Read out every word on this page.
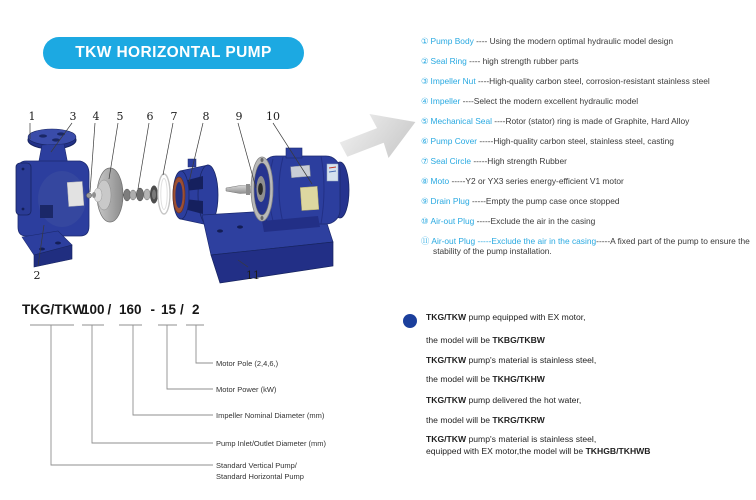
TKW HORIZONTAL PUMP
1	3 4 5 6 7 8 9 10
2	11
① Pump Body ---- Using the modern optimal hydraulic model design
② Seal Ring ---- high strength rubber parts
③ Impeller Nut ----High-quality carbon steel, corrosion-resistant stainless steel
④ Impeller ----Select the modern excellent hydraulic model
⑤ Mechanical Seal ----Rotor (stator) ring is made of Graphite, Hard Alloy
⑥ Pump Cover -----High-quality carbon steel, stainless steel, casting
⑦ Seal Circle -----High strength Rubber
⑧ Moto -----Y2 or YX3 series energy-efficient V1 motor
⑨ Drain Plug -----Empty the pump case once stopped
⑩ Air-out Plug -----Exclude the air in the casing
⑪ Air-out Plug -----Exclude the air in the casing-----A fixed part of the pump to ensure the stability of the pump installation.
TKG/TKW
100 / 160 - 15 / 2
Motor Pole (2,4,6,)
Motor Power (kW)
Impeller Nominal Diameter (mm)
Pump Inlet/Outlet Diameter (mm)
Standard Vertical Pump/
Standard Horizontal Pump
TKG/TKW pump equipped with EX motor,
the model will be TKBG/TKBW
TKG/TKW pump's material is stainless steel,
the model will be TKHG/TKHW
TKG/TKW pump delivered the hot water,
the model will be TKRG/TKRW
TKG/TKW pump's material is stainless steel,
equipped with EX motor,the model will be TKHGB/TKHWB
